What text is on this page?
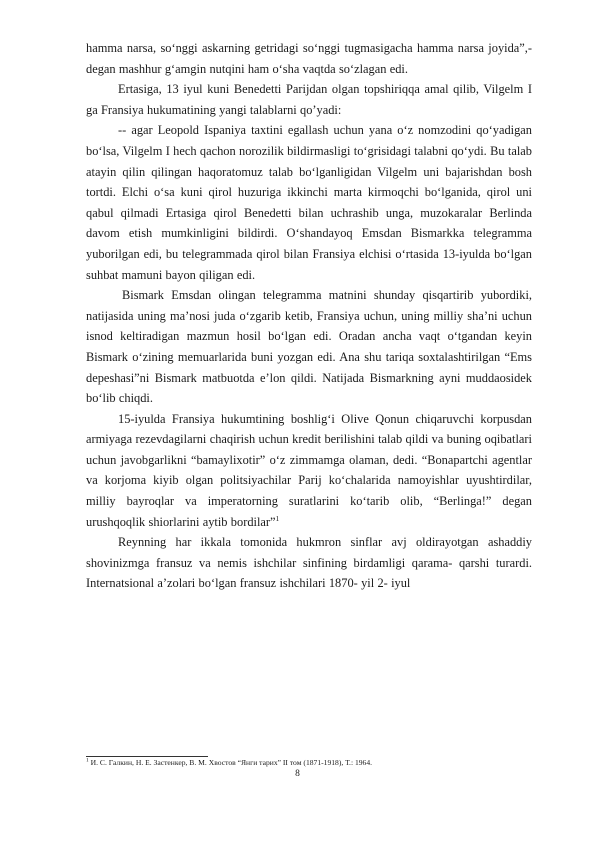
hamma narsa, so‘nggi askarning getridagi so‘nggi tugmasigacha hamma narsa joyida”,-degan mashhur g‘amgin nutqini ham o‘sha vaqtda so‘zlagan edi.

Ertasiga, 13 iyul kuni Benedetti Parijdan olgan topshiriqqa amal qilib, Vilgelm I ga Fransiya hukumatining yangi talablarni qo’yadi:

-- agar Leopold Ispaniya taxtini egallash uchun yana o‘z nomzodini qo‘yadigan bo‘lsa, Vilgelm I hech qachon norozilik bildirmasligi to‘grisidagi talabni qo‘ydi. Bu talab atayin qilin qilingan haqoratomuz talab bo‘lganligidan Vilgelm uni bajarishdan bosh tortdi. Elchi o‘sa kuni qirol huzuriga ikkinchi marta kirmoqchi bo‘lganida, qirol uni qabul qilmadi Ertasiga qirol Benedetti bilan uchrashib unga, muzokaralar Berlinda davom etish mumkinligini bildirdi. O‘shandayoq Emsdan Bismarkka telegramma yuborilgan edi, bu telegrammada qirol bilan Fransiya elchisi o‘rtasida 13-iyulda bo‘lgan suhbat mamuni bayon qiligan edi.

Bismark Emsdan olingan telegramma matnini shunday qisqartirib yubordiki, natijasida uning ma’nosi juda o‘zgarib ketib, Fransiya uchun, uning milliy sha’ni uchun isnod keltiradigan mazmun hosil bo‘lgan edi. Oradan ancha vaqt o‘tgandan keyin Bismark o‘zining memuarlarida buni yozgan edi. Ana shu tariqa soxtalashtirilgan “Ems depeshasi”ni Bismark matbuotda e’lon qildi. Natijada Bismarkning ayni muddaosidek bo‘lib chiqdi.

15-iyulda Fransiya hukumtining boshlig‘i Olive Qonun chiqaruvchi korpusdan armiyaga rezevdagilarni chaqirish uchun kredit berilishini talab qildi va buning oqibatlari uchun javobgarlikni “bamaylixotir” o‘z zimmamga olaman, dedi. “Bonapartchi agentlar va korjoma kiyib olgan politsiyachilar Parij ko‘chalarida namoyishlar uyushtirdilar, milliy bayroqlar va imperatorning suratlarini ko‘tarib olib, “Berlinga!” degan urushqoqlik shiorlarini aytib bordilar”$^1$

Reynning har ikkala tomonida hukmron sinflar avj oldirayotgan ashaddiy shovinizmga fransuz va nemis ishchilar sinfining birdamligi qarama- qarshi turardi. Internatsional a’zolari bo‘lgan fransuz ishchilari 1870- yil 2- iyul

$^1$ И. С. Галкин, Н. Е. Застенкер, В. М. Хвостов “Янги тарих” II том (1871-1918), Т.: 1964.
8
